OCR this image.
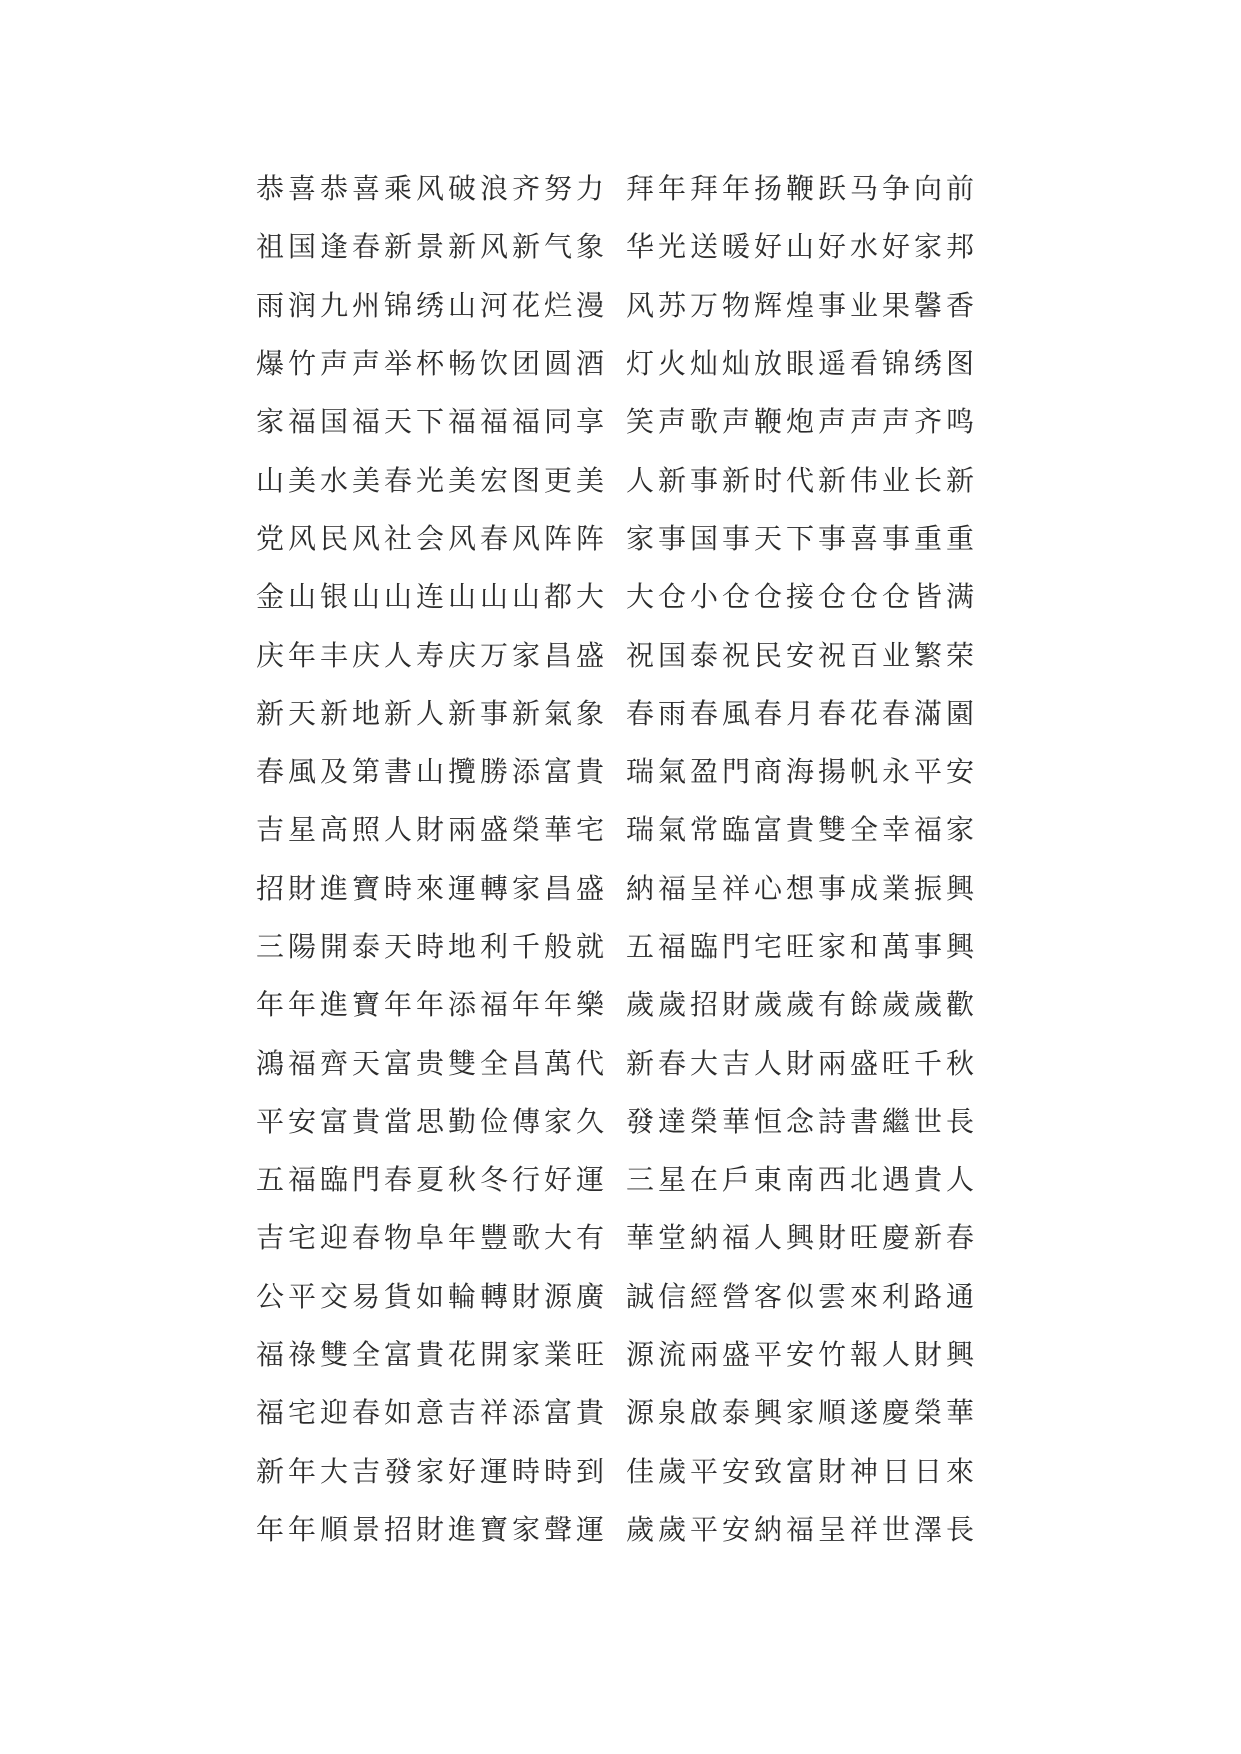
恭喜恭喜乘风破浪齐努力 拜年拜年扬鞭跃马争向前
祖国逢春新景新风新气象 华光送暖好山好水好家邦
雨润九州锦绣山河花烂漫 风苏万物辉煌事业果馨香
爆竹声声举杯畅饮团圆酒 灯火灿灿放眼遥看锦绣图
家福国福天下福福福同享 笑声歌声鞭炮声声声齐鸣
山美水美春光美宏图更美 人新事新时代新伟业长新
党风民风社会风春风阵阵 家事国事天下事喜事重重
金山银山山连山山山都大 大仓小仓仓接仓仓仓皆满
庆年丰庆人寿庆万家昌盛 祝国泰祝民安祝百业繁荣
新天新地新人新事新氣象 春雨春風春月春花春滿園
春風及第書山攬勝添富貴 瑞氣盈門商海揚帆永平安
吉星高照人財兩盛榮華宅 瑞氣常臨富貴雙全幸福家
招財進寶時來運轉家昌盛 納福呈祥心想事成業振興
三陽開泰天時地利千般就 五福臨門宅旺家和萬事興
年年進寶年年添福年年樂 歲歲招財歲歲有餘歲歲歡
鴻福齊天富贵雙全昌萬代 新春大吉人財兩盛旺千秋
平安富貴當思勤俭傳家久 發達榮華恒念詩書繼世長
五福臨門春夏秋冬行好運 三星在戶東南西北遇貴人
吉宅迎春物阜年豐歌大有 華堂納福人興財旺慶新春
公平交易貨如輪轉財源廣 誠信經營客似雲來利路通
福祿雙全富貴花開家業旺 源流兩盛平安竹報人財興
福宅迎春如意吉祥添富貴 源泉啟泰興家順遂慶榮華
新年大吉發家好運時時到 佳歲平安致富財神日日來
年年順景招財進寶家聲運 歲歲平安納福呈祥世澤長
